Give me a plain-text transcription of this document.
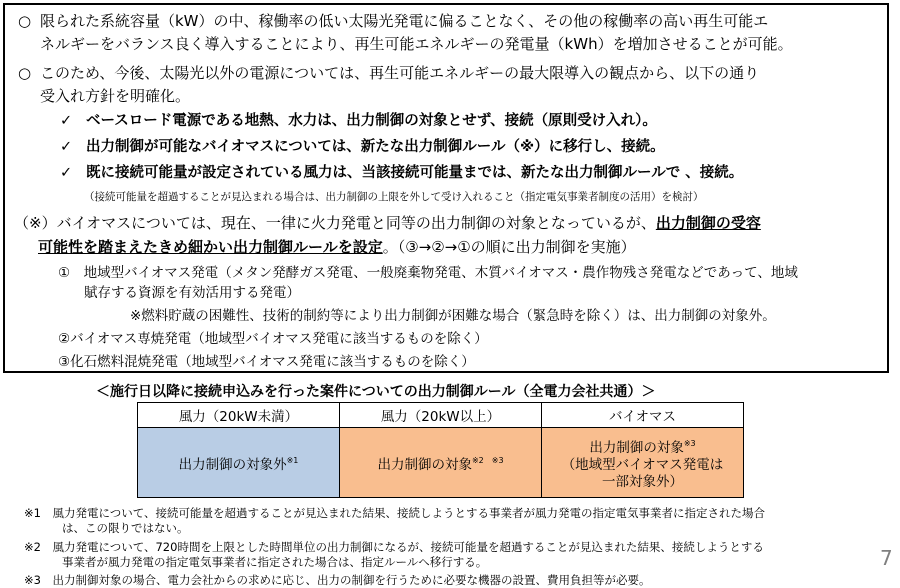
○ 限られた系統容量（kW）の中、稼働率の低い太陽光発電に偏ることなく、その他の稼働率の高い再生可能エ
ネルギーをバランス良く導入することにより、再生可能エネルギーの発電量（kWh）を増加させることが可能。
○ このため、今後、太陽光以外の電源については、再生可能エネルギーの最大限導入の観点から、以下の通り
受入れ方針を明確化。
✓ ベースロード電源である地熱、水力は、出力制御の対象とせず、接続（原則受け入れ）。
✓ 出力制御が可能なバイオマスについては、新たな出力制御ルール（※）に移行し、接続。
✓ 既に接続可能量が設定されている風力は、当該接続可能量までは、新たな出力制御ルールで 、接続。
（接続可能量を超過することが見込まれる場合は、出力制御の上限を外して受け入れること（指定電気事業者制度の活用）を検討）
（※）バイオマスについては、現在、一律に火力発電と同等の出力制御の対象となっているが、出力制御の受容
可能性を踏まえたきめ細かい出力制御ルールを設定。（③→②→①の順に出力制御を実施）
①　地域型バイオマス発電（メタン発酵ガス発電、一般廃棄物発電、木質バイオマス・農作物残さ発電などであって、地域
賦存する資源を有効活用する発電）
※燃料貯蔵の困難性、技術的制約等により出力制御が困難な場合（緊急時を除く）は、出力制御の対象外。
②バイオマス専焼発電（地域型バイオマス発電に該当するものを除く）
③化石燃料混焼発電（地域型バイオマス発電に該当するものを除く）
＜施行日以降に接続申込みを行った案件についての出力制御ルール（全電力会社共通）＞
風力（20kW未満）	風力（20kW以上）	バイオマス
出力制御の対象外$^{※1}$	出力制御の対象$^{※2 ※3}$	出力制御の対象$^{※3}$
（地域型バイオマス発電は
一部対象外）
※1　風力発電について、接続可能量を超過することが見込まれた結果、接続しようとする事業者が風力発電の指定電気事業者に指定された場合
は、この限りではない。
※2　風力発電について、720時間を上限とした時間単位の出力制御になるが、接続可能量を超過することが見込まれた結果、接続しようとする
事業者が風力発電の指定電気事業者に指定された場合は、指定ルールへ移行する。
※3　出力制御対象の場合、電力会社からの求めに応じ、出力の制御を行うために必要な機器の設置、費用負担等が必要。
7
